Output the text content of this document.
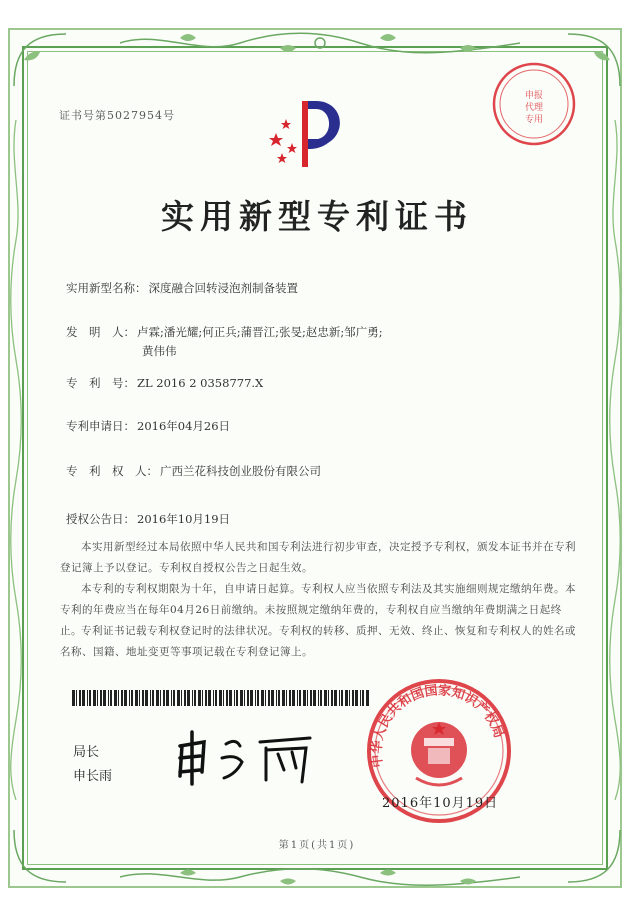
证书号第5027954号
申报
代理
专用
实用新型专利证书
实用新型名称： 深度融合回转浸泡剂制备装置
发　明　人： 卢霖;潘光耀;何正兵;蒲晋江;张旻;赵忠新;邹广勇;
黄伟伟
专　利　号： ZL 2016 2 0358777.X
专利申请日： 2016年04月26日
专　利　权　人： 广西兰花科技创业股份有限公司
授权公告日： 2016年10月19日
本实用新型经过本局依照中华人民共和国专利法进行初步审查，决定授予专利权，颁发本证书并在专利登记簿上予以登记。专利权自授权公告之日起生效。
本专利的专利权期限为十年，自申请日起算。专利权人应当依照专利法及其实施细则规定缴纳年费。本专利的年费应当在每年04月26日前缴纳。未按照规定缴纳年费的，专利权自应当缴纳年费期满之日起终止。 专利证书记载专利权登记时的法律状况。专利权的转移、质押、无效、终止、恢复和专利权人的姓名或名称、国籍、地址变更等事项记载在专利登记簿上。
局长
申长雨
中华人民共和国国家知识产权局
2016年10月19日
第1页(共1页)
